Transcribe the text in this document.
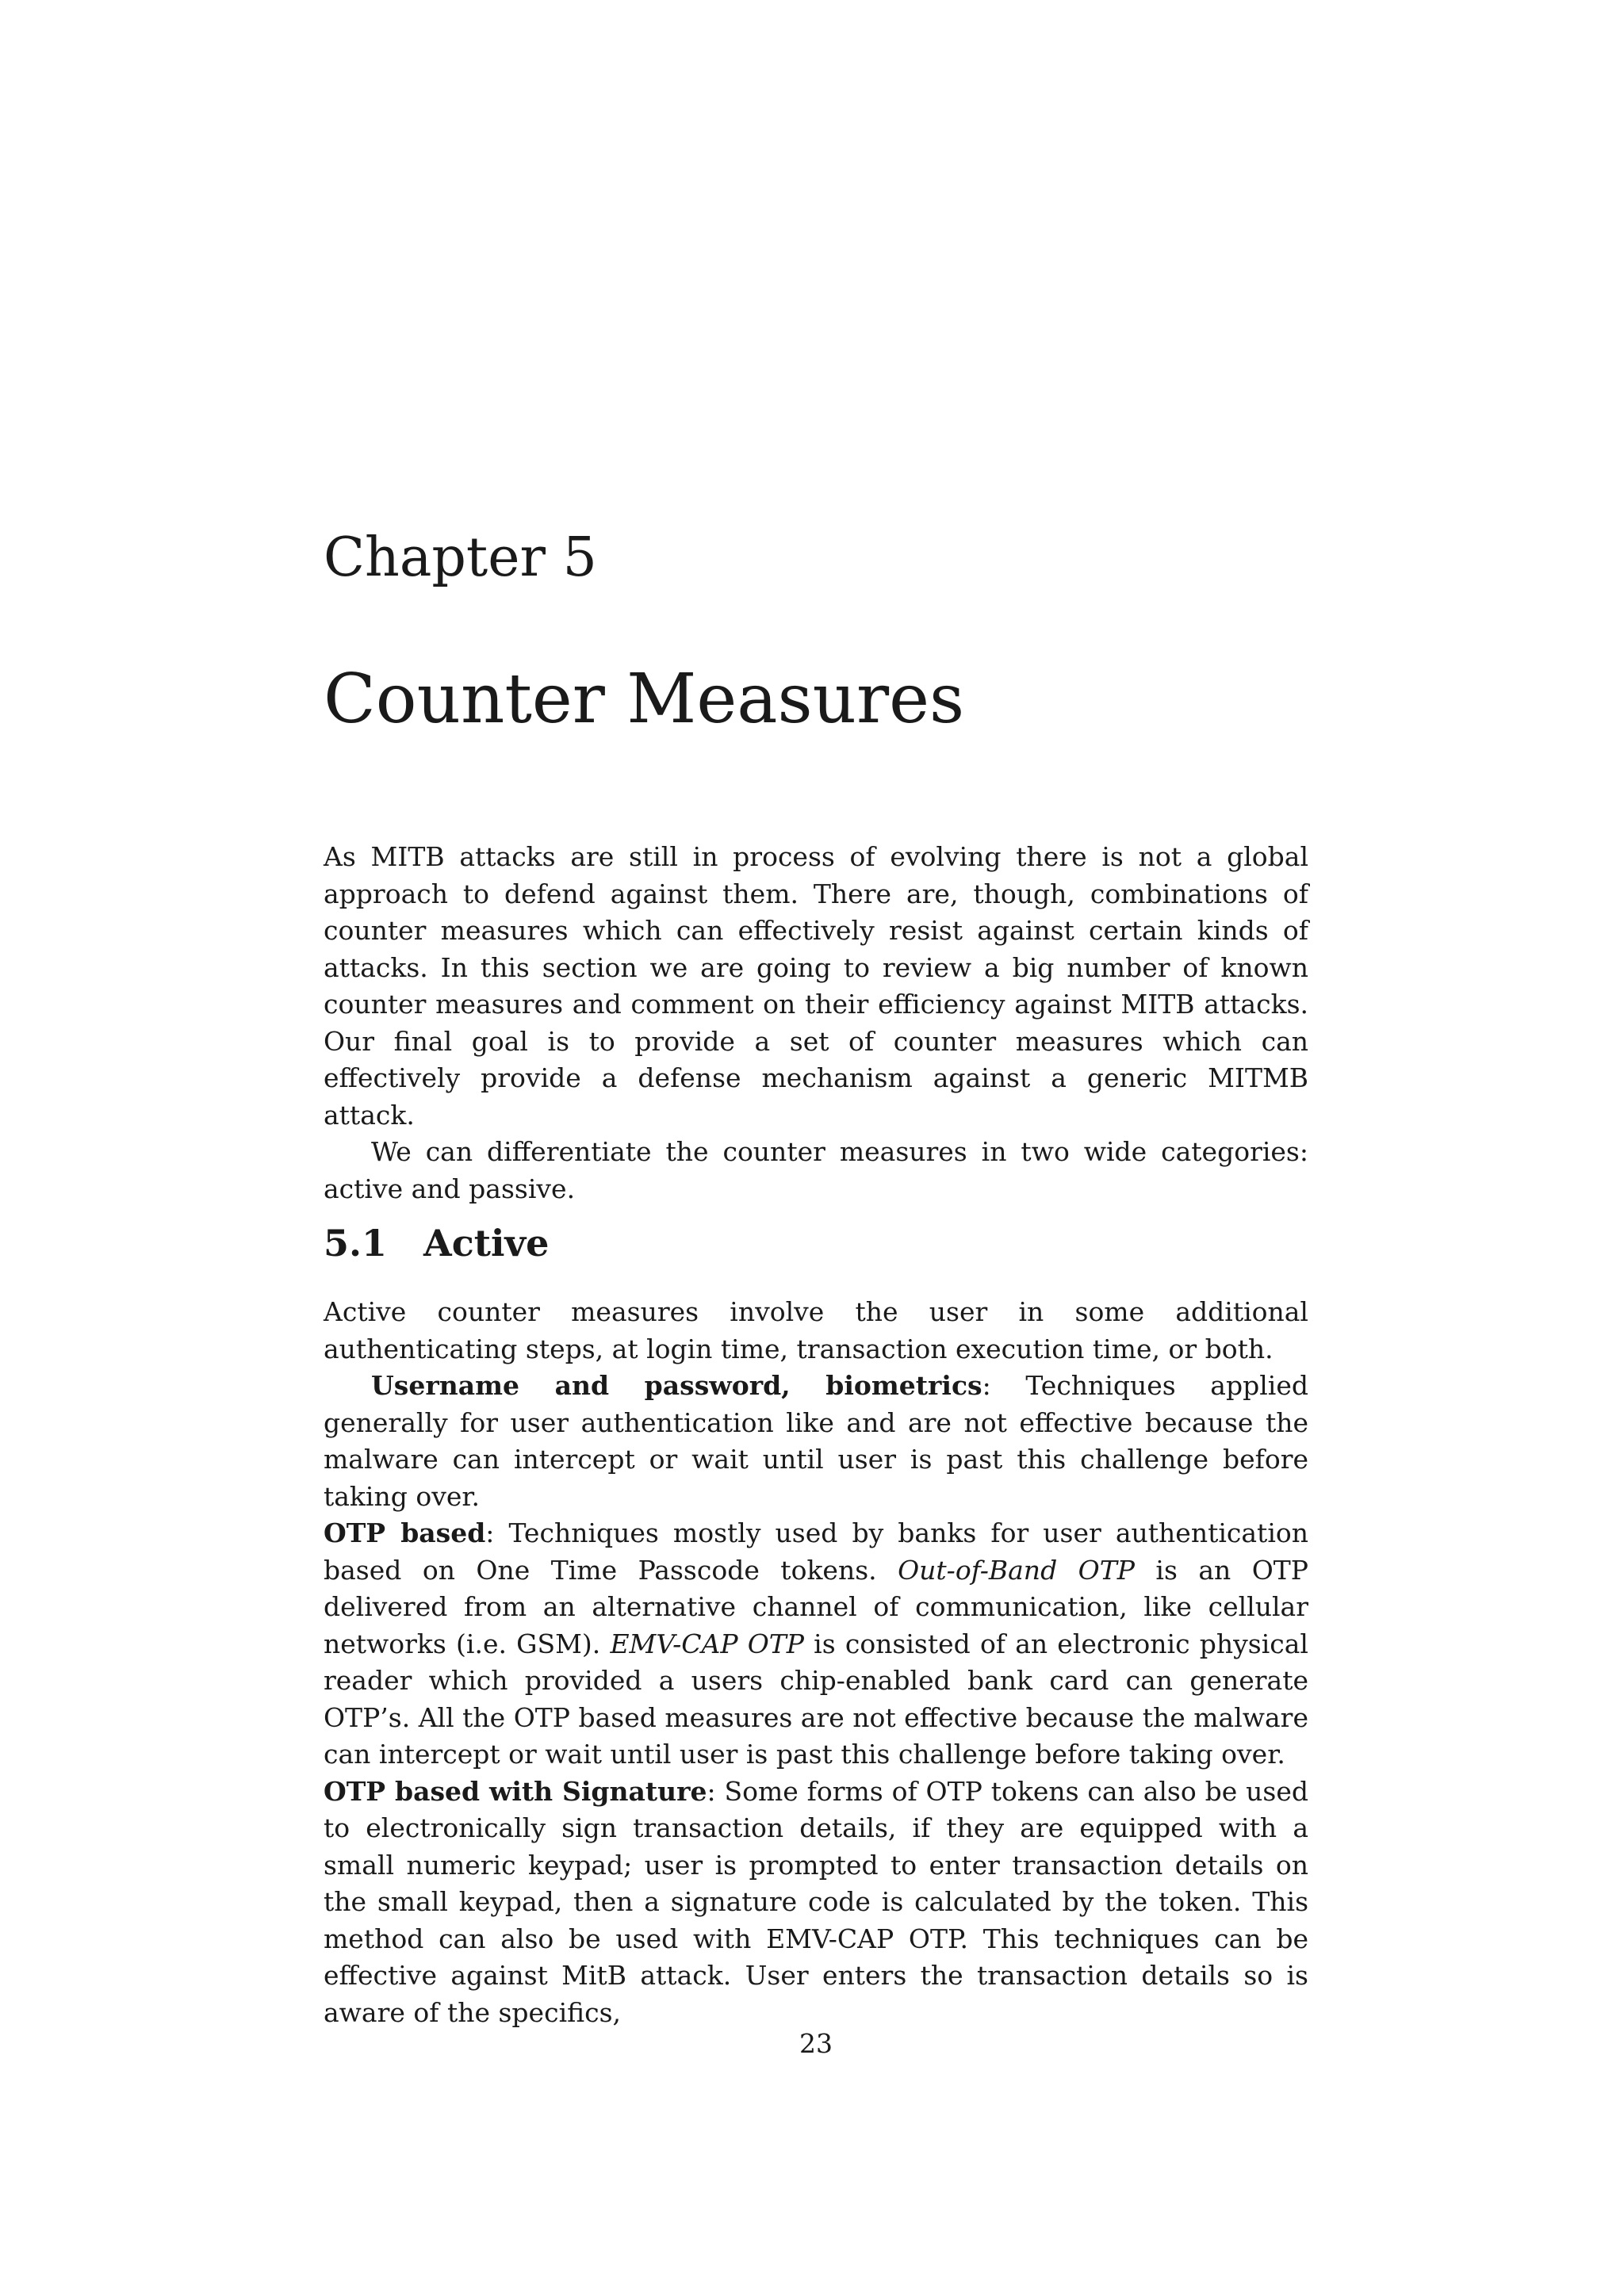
Chapter 5
Counter Measures

As MITB attacks are still in process of evolving there is not a global approach to defend against them. There are, though, combinations of counter measures which can effectively resist against certain kinds of attacks. In this section we are going to review a big number of known counter measures and comment on their efficiency against MITB attacks. Our final goal is to provide a set of counter measures which can effectively provide a defense mechanism against a generic MITMB attack.

We can differentiate the counter measures in two wide categories: active and passive.

5.1 Active

Active counter measures involve the user in some additional authenticating steps, at login time, transaction execution time, or both.

Username and password, biometrics: Techniques applied generally for user authentication like and are not effective because the malware can intercept or wait until user is past this challenge before taking over.

OTP based: Techniques mostly used by banks for user authentication based on One Time Passcode tokens. Out-of-Band OTP is an OTP delivered from an alternative channel of communication, like cellular networks (i.e. GSM). EMV-CAP OTP is consisted of an electronic physical reader which provided a users chip-enabled bank card can generate OTP’s. All the OTP based measures are not effective because the malware can intercept or wait until user is past this challenge before taking over.

OTP based with Signature: Some forms of OTP tokens can also be used to electronically sign transaction details, if they are equipped with a small numeric keypad; user is prompted to enter transaction details on the small keypad, then a signature code is calculated by the token. This method can also be used with EMV-CAP OTP. This techniques can be effective against MitB attack. User enters the transaction details so is aware of the specifics,

23
